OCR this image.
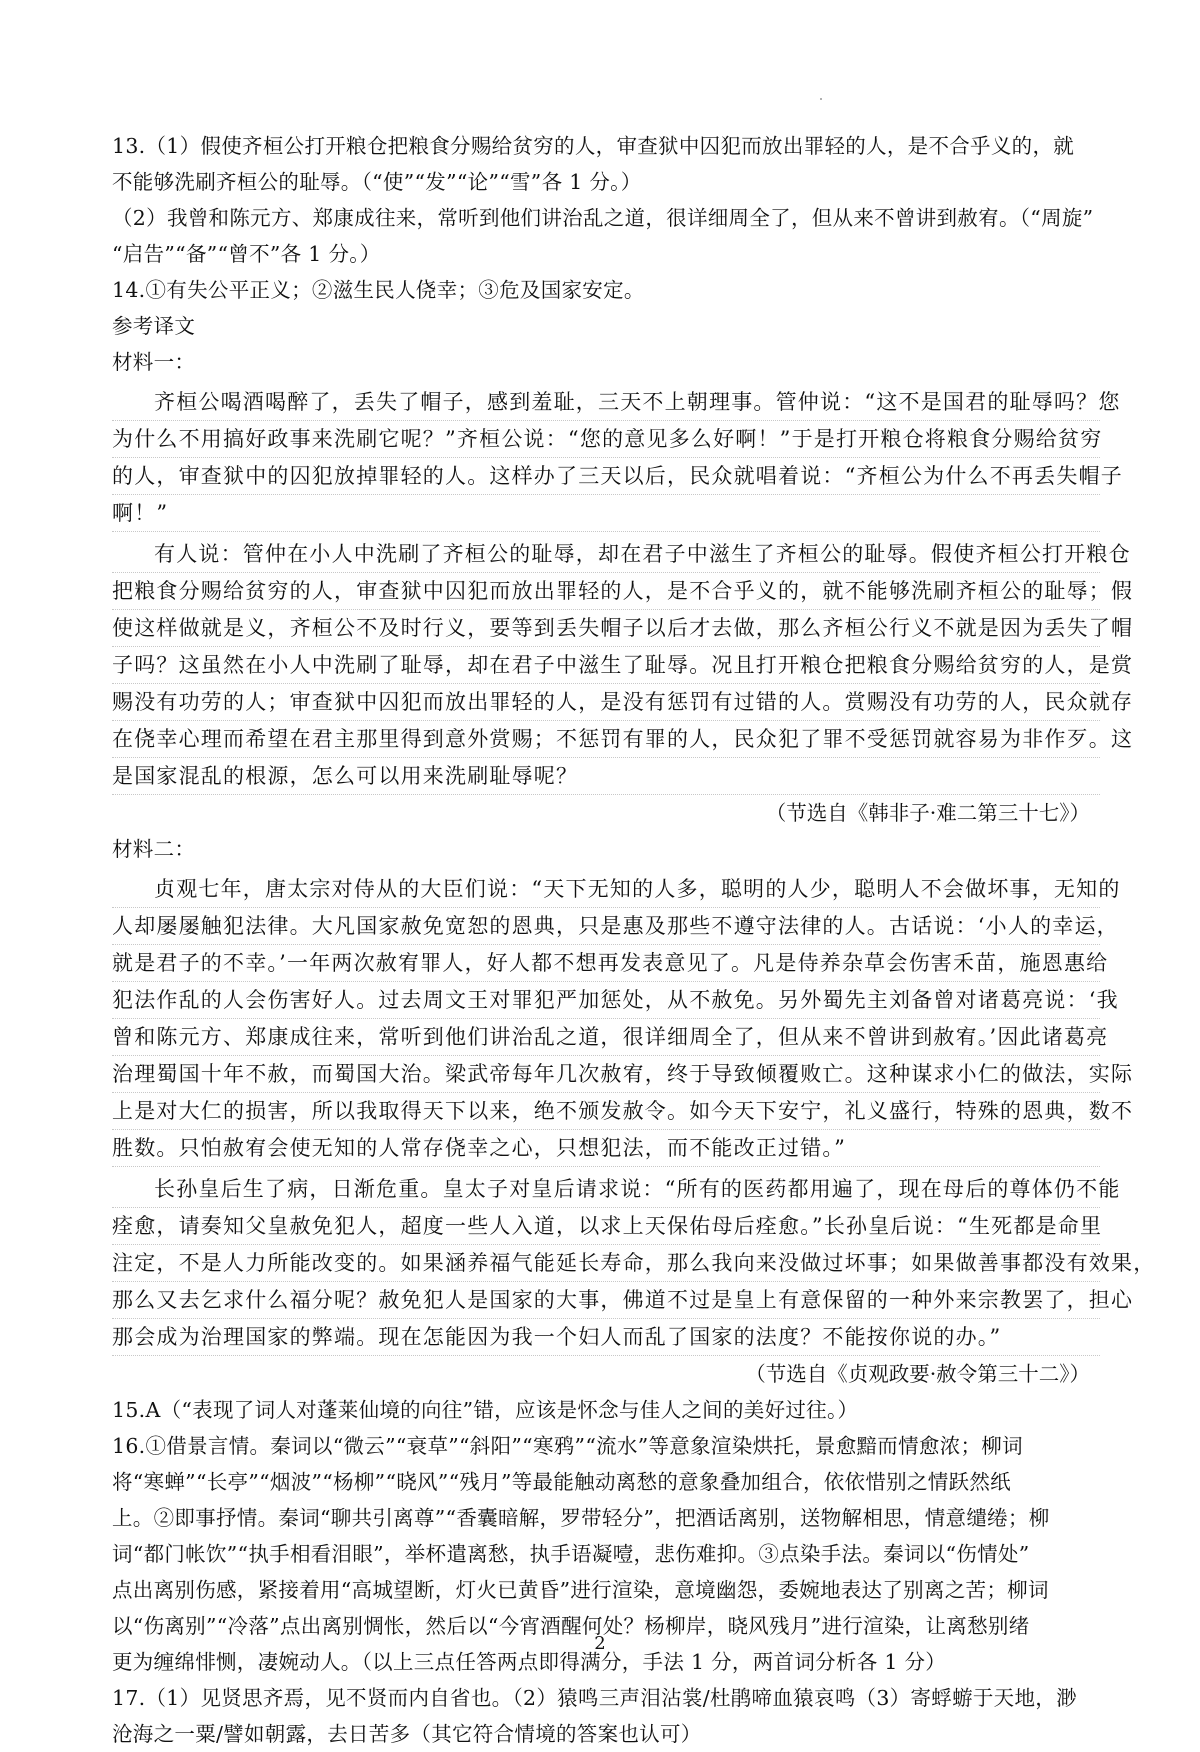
13.（1）假使齐桓公打开粮仓把粮食分赐给贫穷的人，审查狱中囚犯而放出罪轻的人，是不合乎义的，就
不能够洗刷齐桓公的耻辱。（“使”“发”“论”“雪”各 1 分。）
（2）我曾和陈元方、郑康成往来，常听到他们讲治乱之道，很详细周全了，但从来不曾讲到赦宥。（“周旋”
“启告”“备”“曾不”各 1 分。）
14.①有失公平正义；②滋生民人侥幸；③危及国家安定。
参考译文
材料一：
齐桓公喝酒喝醉了，丢失了帽子，感到羞耻，三天不上朝理事。管仲说：“这不是国君的耻辱吗？您
为什么不用搞好政事来洗刷它呢？”齐桓公说：“您的意见多么好啊！”于是打开粮仓将粮食分赐给贫穷
的人，审查狱中的囚犯放掉罪轻的人。这样办了三天以后，民众就唱着说：“齐桓公为什么不再丢失帽子
啊！”
有人说：管仲在小人中洗刷了齐桓公的耻辱，却在君子中滋生了齐桓公的耻辱。假使齐桓公打开粮仓
把粮食分赐给贫穷的人，审查狱中囚犯而放出罪轻的人，是不合乎义的，就不能够洗刷齐桓公的耻辱；假
使这样做就是义，齐桓公不及时行义，要等到丢失帽子以后才去做，那么齐桓公行义不就是因为丢失了帽
子吗？这虽然在小人中洗刷了耻辱，却在君子中滋生了耻辱。况且打开粮仓把粮食分赐给贫穷的人，是赏
赐没有功劳的人；审查狱中囚犯而放出罪轻的人，是没有惩罚有过错的人。赏赐没有功劳的人，民众就存
在侥幸心理而希望在君主那里得到意外赏赐；不惩罚有罪的人，民众犯了罪不受惩罚就容易为非作歹。这
是国家混乱的根源，怎么可以用来洗刷耻辱呢？
（节选自《韩非子·难二第三十七》）
材料二：
贞观七年，唐太宗对侍从的大臣们说：“天下无知的人多，聪明的人少，聪明人不会做坏事，无知的
人却屡屡触犯法律。大凡国家赦免宽恕的恩典，只是惠及那些不遵守法律的人。古话说：‘小人的幸运，
就是君子的不幸。’一年两次赦宥罪人，好人都不想再发表意见了。凡是侍养杂草会伤害禾苗，施恩惠给
犯法作乱的人会伤害好人。过去周文王对罪犯严加惩处，从不赦免。另外蜀先主刘备曾对诸葛亮说：‘我
曾和陈元方、郑康成往来，常听到他们讲治乱之道，很详细周全了，但从来不曾讲到赦宥。’因此诸葛亮
治理蜀国十年不赦，而蜀国大治。梁武帝每年几次赦宥，终于导致倾覆败亡。这种谋求小仁的做法，实际
上是对大仁的损害，所以我取得天下以来，绝不颁发赦令。如今天下安宁，礼义盛行，特殊的恩典，数不
胜数。只怕赦宥会使无知的人常存侥幸之心，只想犯法，而不能改正过错。”
长孙皇后生了病，日渐危重。皇太子对皇后请求说：“所有的医药都用遍了，现在母后的尊体仍不能
痊愈，请奏知父皇赦免犯人，超度一些人入道，以求上天保佑母后痊愈。”长孙皇后说：“生死都是命里
注定，不是人力所能改变的。如果涵养福气能延长寿命，那么我向来没做过坏事；如果做善事都没有效果，
那么又去乞求什么福分呢？赦免犯人是国家的大事，佛道不过是皇上有意保留的一种外来宗教罢了，担心
那会成为治理国家的弊端。现在怎能因为我一个妇人而乱了国家的法度？不能按你说的办。”
（节选自《贞观政要·赦令第三十二》）
15.A（“表现了词人对蓬莱仙境的向往”错，应该是怀念与佳人之间的美好过往。）
16.①借景言情。秦词以“微云”“衰草”“斜阳”“寒鸦”“流水”等意象渲染烘托，景愈黯而情愈浓；柳词
将“寒蝉”“长亭”“烟波”“杨柳”“晓风”“残月”等最能触动离愁的意象叠加组合，依依惜别之情跃然纸
上。②即事抒情。秦词“聊共引离尊”“香囊暗解，罗带轻分”，把酒话离别，送物解相思，情意缱绻；柳
词“都门帐饮”“执手相看泪眼”，举杯遣离愁，执手语凝噎，悲伤难抑。③点染手法。秦词以“伤情处”
点出离别伤感，紧接着用“高城望断，灯火已黄昏”进行渲染，意境幽怨，委婉地表达了别离之苦；柳词
以“伤离别”“冷落”点出离别惆怅，然后以“今宵酒醒何处？杨柳岸，晓风残月”进行渲染，让离愁别绪
更为缠绵悱恻，凄婉动人。（以上三点任答两点即得满分，手法 1 分，两首词分析各 1 分）
17.（1）见贤思齐焉，见不贤而内自省也。（2）猿鸣三声泪沾裳/杜鹃啼血猿哀鸣（3）寄蜉蝣于天地，渺
沧海之一粟/譬如朝露，去日苦多（其它符合情境的答案也认可）
2
